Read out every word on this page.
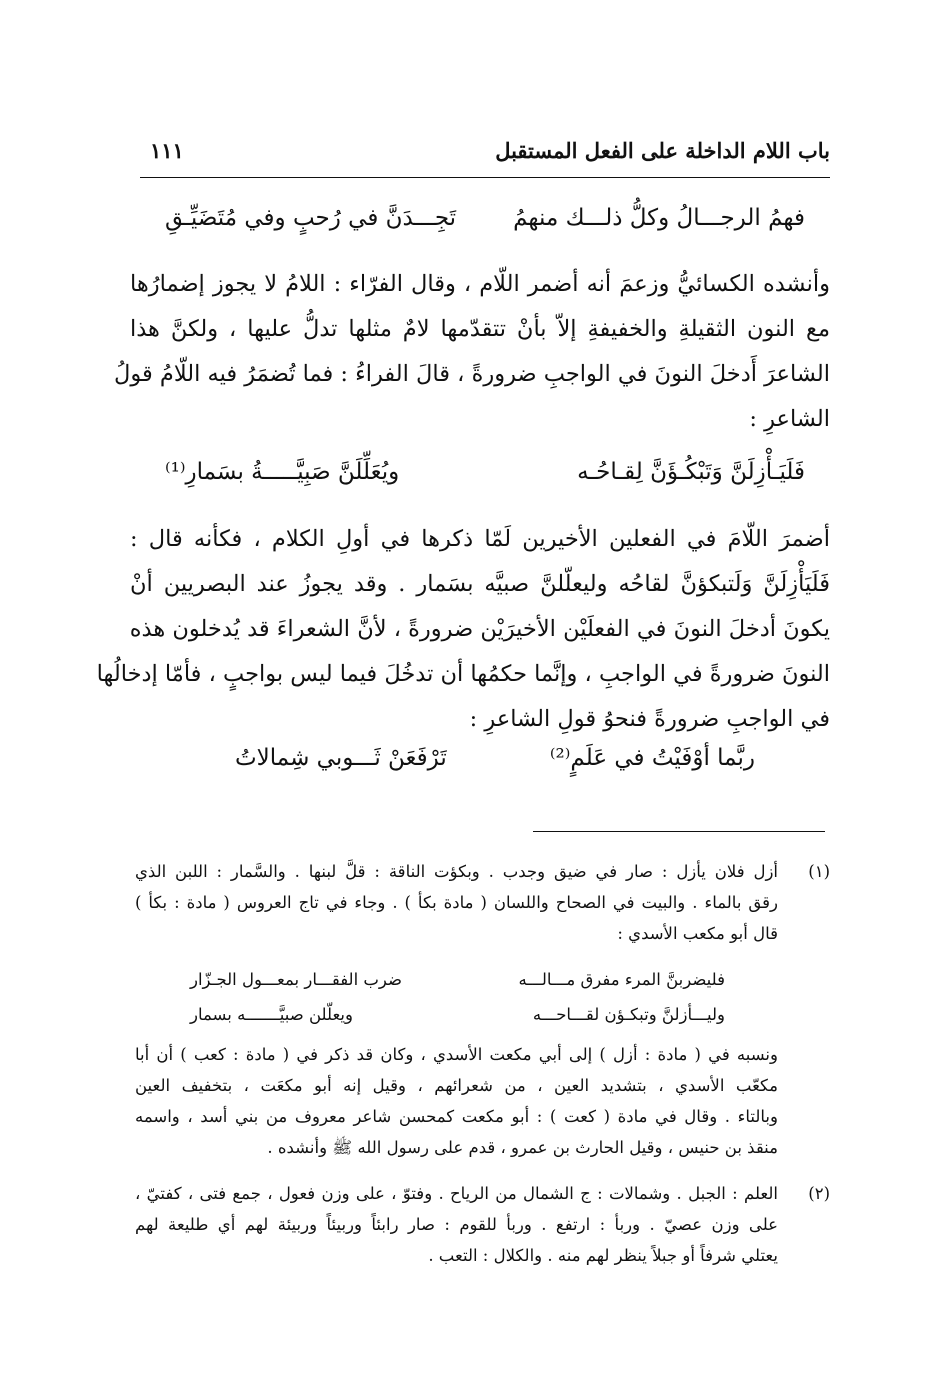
باب اللام الداخلة على الفعل المستقبل
١١١
فهمُ الرجـــالُ وكلُّ ذلـــك منهمُ
تَجِـــدَنَّ في رُحبٍ وفي مُتَضَيِّـقِ
وأنشده الكسائيُّ وزعمَ أنه أضمر اللّام ، وقال الفرّاء : اللامُ لا يجوز إضمارُها
مع النون الثقيلةِ والخفيفةِ إلاّ بأنْ تتقدّمها لامٌ مثلها تدلُّ عليها ، ولكنَّ هذا
الشاعرَ أَدخلَ النونَ في الواجبِ ضرورةً ، قالَ الفراءُ : فما تُضمَرُ فيه اللّامُ قولُ
الشاعرِ :
فَلَيَـأْزِلَنَّ وَتَبْكُـؤَنَّ لِقـاحُـه
ويُعَلِّلَنَّ صَبِيَّـــــةُ بسَمارِ⁽¹⁾
أضمرَ اللّامَ في الفعلين الأخيرين لَمّا ذكرها في أولِ الكلام ، فكأنه قال :
فَلَيَأْزِلَنَّ وَلَتبكؤنَّ لقاحُه وليعلّلنَّ صبيَّه بسَمار . وقد يجوزُ عند البصريين أنْ
يكونَ أدخلَ النونَ في الفعلَيْن الأخيرَيْن ضرورةً ، لأنَّ الشعراءَ قد يُدخلون هذه
النونَ ضرورةً في الواجبِ ، وإنَّما حكمُها أن تدخُلَ فيما ليس بواجبٍ ، فأمّا إدخالُها
في الواجبِ ضرورةً فنحوُ قولِ الشاعرِ :
ربَّما أوْفَيْتُ في عَلَمٍ⁽²⁾
تَرْفَعَنْ ثَـــوبي شِمالاتُ
(١)
أزل فلان يأزل : صار في ضيق وجدب . وبكؤت الناقة : قلَّ لبنها . والسَّمار : اللبن الذي
رقق بالماء . والبيت في الصحاح واللسان ( مادة بكأ ) . وجاء في تاج العروس ( مادة : بكأ )
قال أبو مكعب الأسدي :
فليضربنَّ المرء مفرق مـــالـــه
ضرب الفقـــار بمعـــول الجـزّار
وليـــأزلنَّ وتبكـؤن لقـــاحـــه
ويعلّلن صبيَّـــــــه بسمار
ونسبه في ( مادة : أزل ) إلى أبي مكعت الأسدي ، وكان قد ذكر في ( مادة : كعب ) أن أبا
مكعّب الأسدي ، بتشديد العين ، من شعرائهم ، وقيل إنه أبو مكعَت ، بتخفيف العين
وبالتاء . وقال في مادة ( كعت ) : أبو مكعت كمحسن شاعر معروف من بني أسد ، واسمه
منقذ بن حنيس ، وقيل الحارث بن عمرو ، قدم على رسول الله ﷺ وأنشده .
(٢)
العلم : الجبل . وشمالات : ج الشمال من الرياح . وفتوّ ، على وزن فعول ، جمع فتى ، كفتيّ ،
على وزن عصيّ . وربأ : ارتفع . وربأ للقوم : صار رابئاً وربيئاً وربيئة لهم أي طليعة لهم
يعتلي شرفاً أو جبلاً ينظر لهم منه . والكلال : التعب .
